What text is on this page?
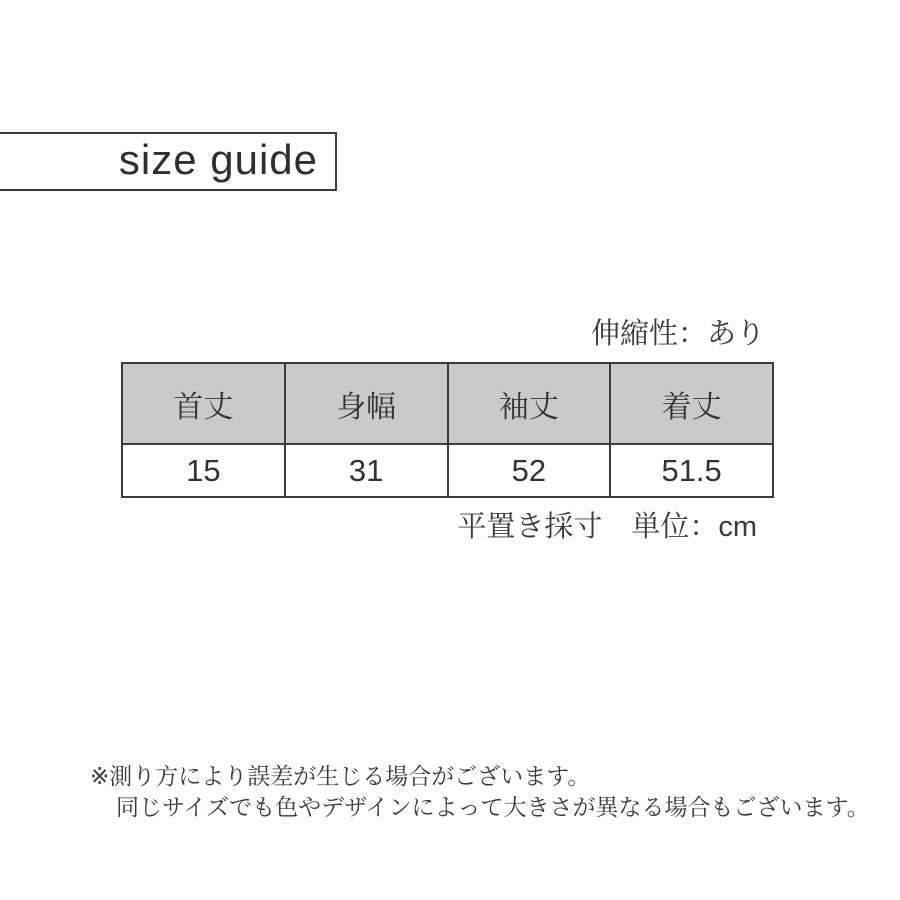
size guide
伸縮性：あり
首丈	身幅	袖丈	着丈
15	31	52	51.5
平置き採寸　単位：cm
※測り方により誤差が生じる場合がございます。
同じサイズでも色やデザインによって大きさが異なる場合もございます。
